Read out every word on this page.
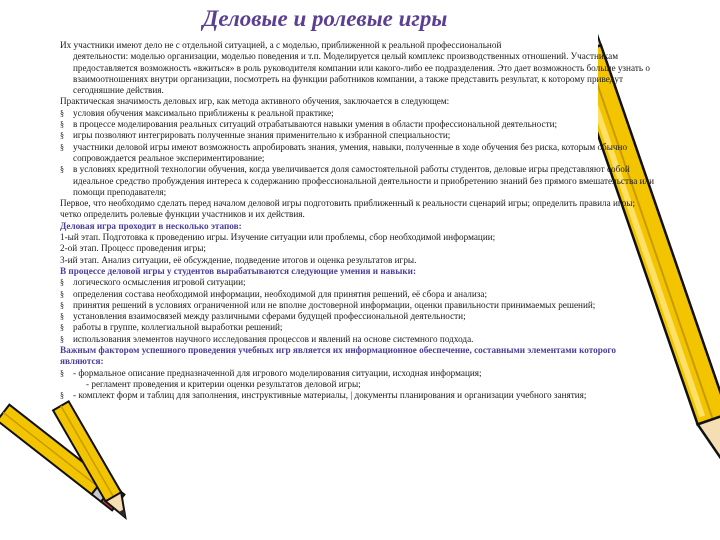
Деловые и ролевые игры

Их участники имеют дело не с отдельной ситуацией, а с моделью, приближенной к реальной профессиональной

деятельности: моделью организации, моделью поведения и т.п. Моделируется целый комплекс производственных отношений. Участникам предоставляется возможность «вжиться» в роль руководителя компании или какого-либо ее подразделения. Это дает возможность больше узнать о взаимоотношениях внутри организации, посмотреть на функции работников компании, а также представить результат, к которому приведут сегодняшние действия.

Практическая значимость деловых игр, как метода активного обучения, заключается в следующем:

§ условия обучения максимально приближены к реальной практике;
§ в процессе моделирования реальных ситуаций отрабатываются навыки умения в области профессиональной деятельности;
§ игры позволяют интегрировать полученные знания применительно к избранной специальности;
§ участники деловой игры имеют возможность апробировать знания, умения, навыки, полученные в ходе обучения без риска, которым обычно сопровождается реальное экспериментирование;
§ в условиях кредитной технологии обучения, когда увеличивается доля самостоятельной работы студентов, деловые игры представляют собой идеальное средство пробуждения интереса к содержанию профессиональной деятельности и приобретению знаний без прямого вмешательства или помощи преподавателя;

Первое, что необходимо сделать перед началом деловой игры подготовить приближенный к реальности сценарий игры; определить правила игры; четко определить ролевые функции участников и их действия.

Деловая игра проходит в несколько этапов:

1-ый этап. Подготовка к проведению игры. Изучение ситуации или проблемы, сбор необходимой информации;

2-ой этап. Процесс проведения игры;

3-ий этап. Анализ ситуации, её обсуждение, подведение итогов и оценка результатов игры.

В процессе деловой игры у студентов вырабатываются следующие умения и навыки:

§ логического осмысления игровой ситуации;
§ определения состава необходимой информации, необходимой для принятия решений, её сбора и анализа;
§ принятия решений в условиях ограниченной или не вполне достоверной информации, оценки правильности принимаемых решений;
§ установления взаимосвязей между различными сферами будущей профессиональной деятельности;
§ работы в группе, коллегиальной выработки решений;
§ использования элементов научного исследования процессов и явлений на основе системного подхода.

Важным фактором успешного проведения учебных игр является их информационное обеспечение, составными элементами которого являются:

§ - формальное описание предназначенной для игрового моделирования ситуации, исходная информация;
- регламент проведения и критерии оценки результатов деловой игры;
§ - комплект форм и таблиц для заполнения, инструктивные материалы, | документы планирования и организации учебного занятия;
